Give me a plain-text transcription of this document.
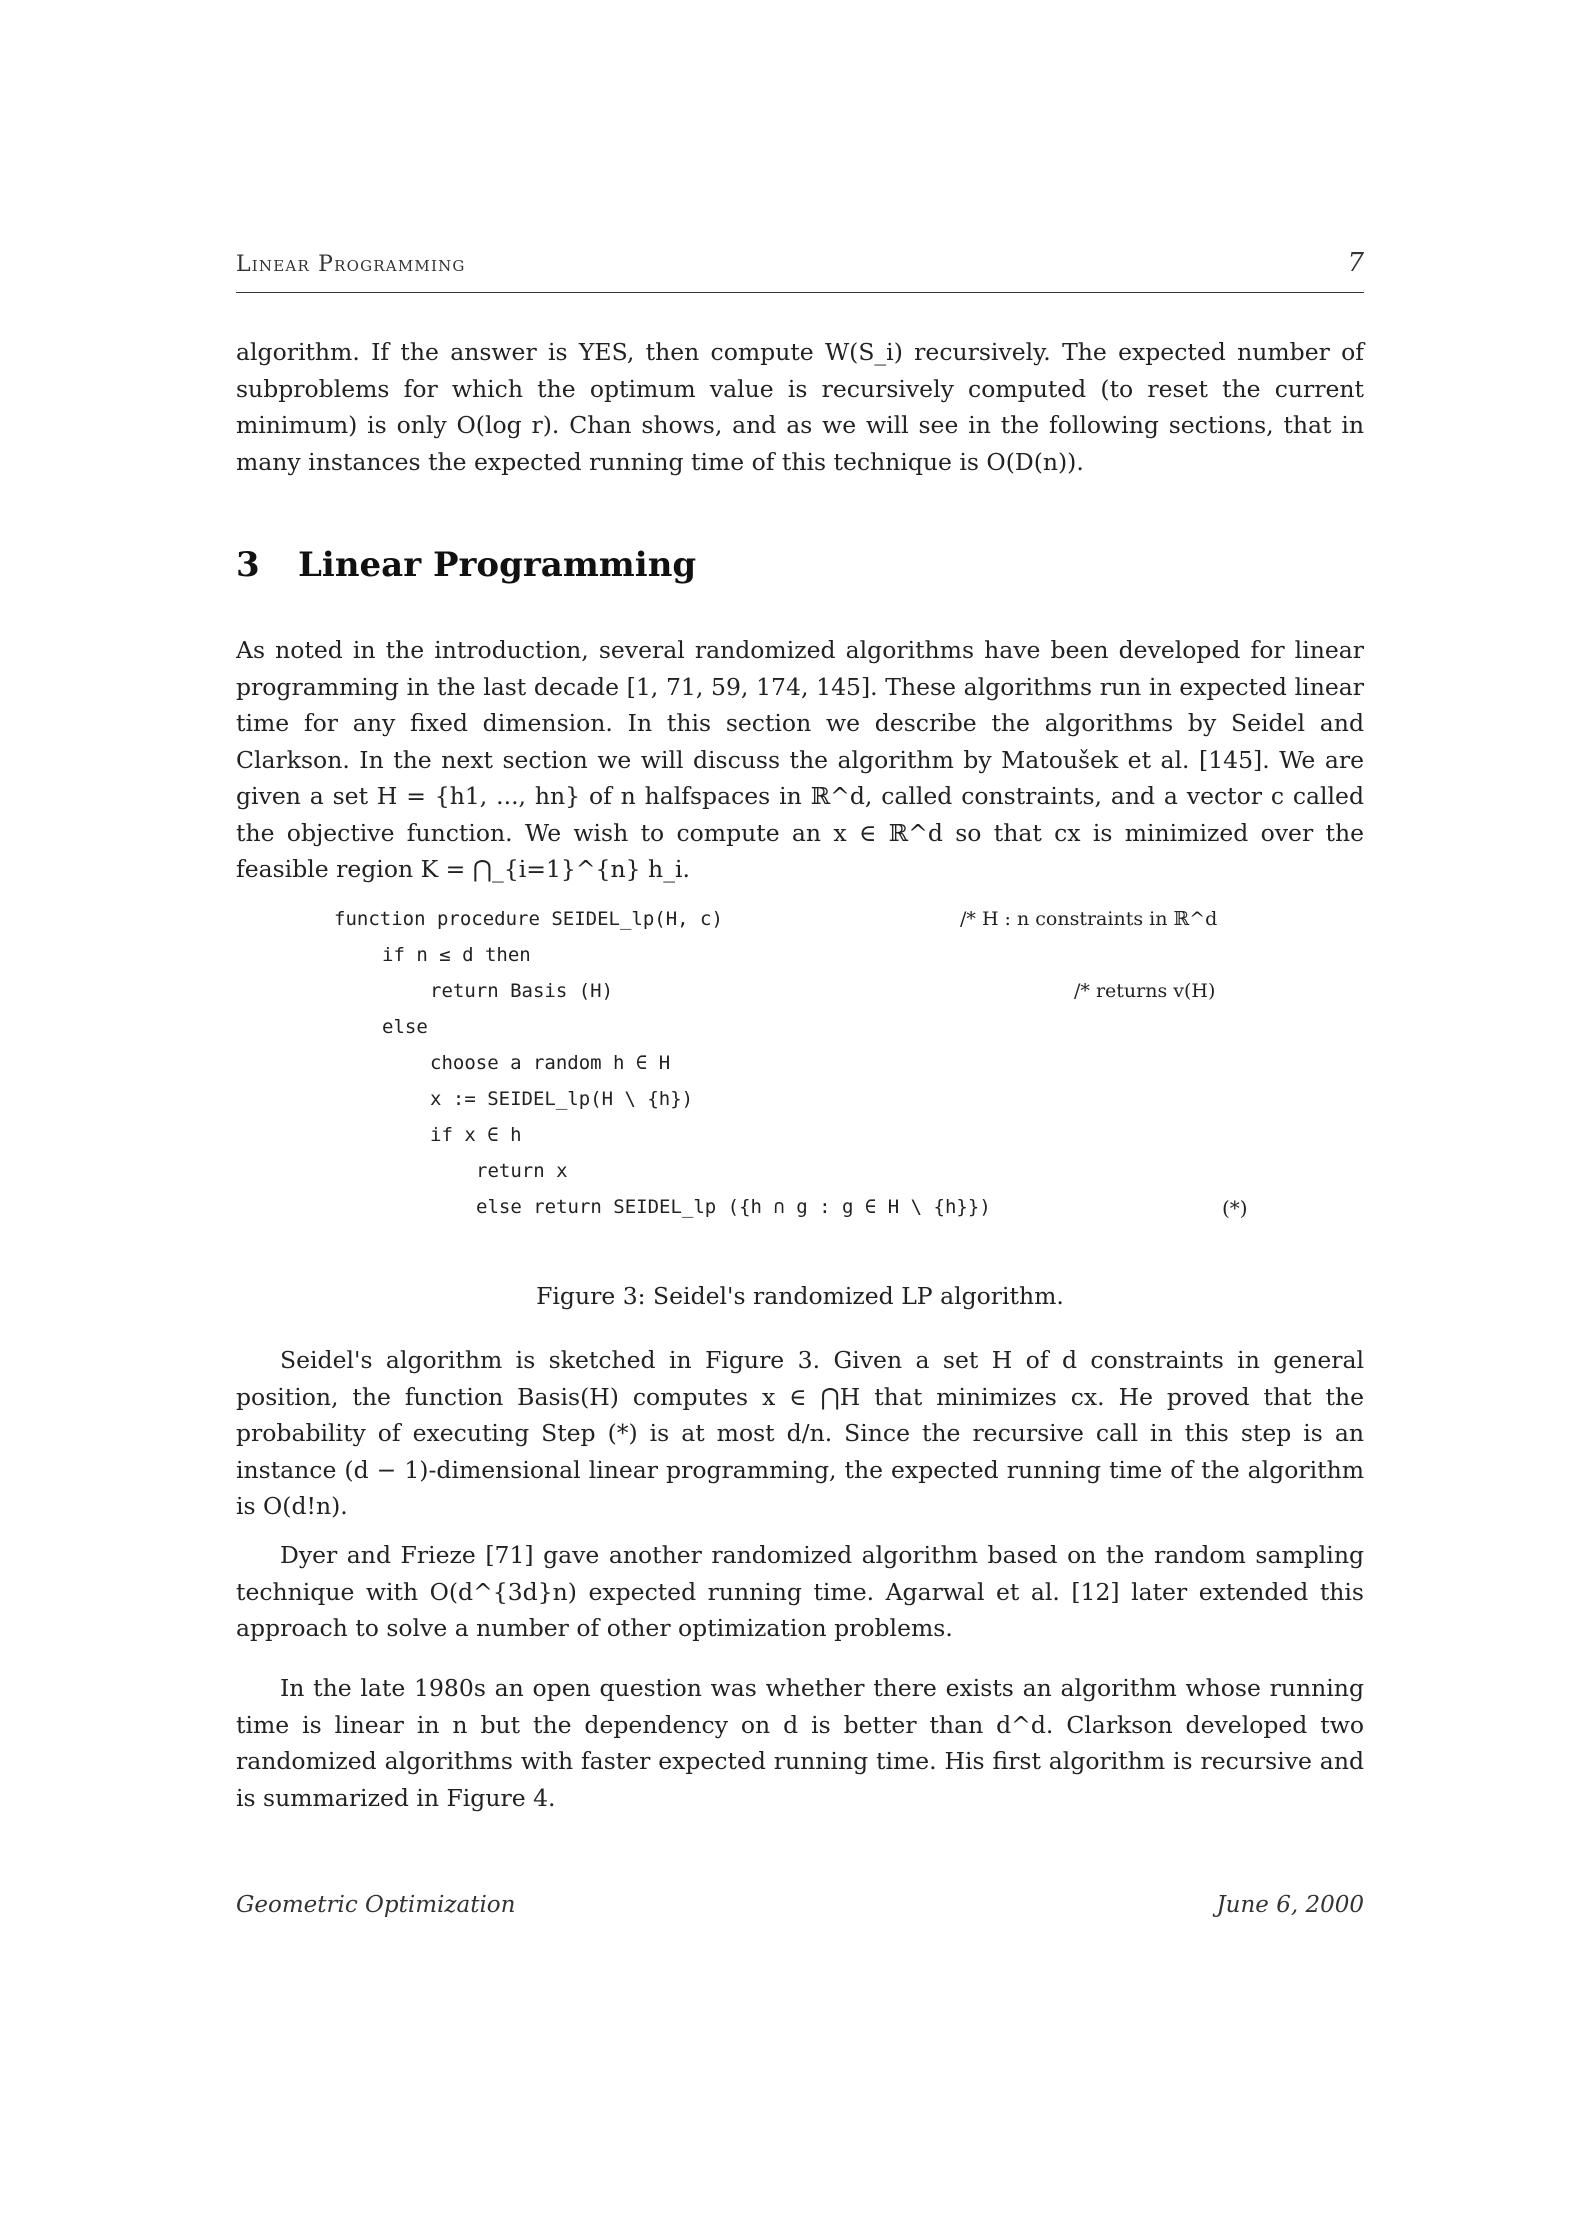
Linear Programming	7

algorithm. If the answer is YES, then compute W(S_i) recursively. The expected number of subproblems for which the optimum value is recursively computed (to reset the current minimum) is only O(log r). Chan shows, and as we will see in the following sections, that in many instances the expected running time of this technique is O(D(n)).

3 Linear Programming

As noted in the introduction, several randomized algorithms have been developed for linear programming in the last decade [1, 71, 59, 174, 145]. These algorithms run in expected linear time for any fixed dimension. In this section we describe the algorithms by Seidel and Clarkson. In the next section we will discuss the algorithm by Matoušek et al. [145]. We are given a set H = {h1, ..., hn} of n halfspaces in ℝ^d, called constraints, and a vector c called the objective function. We wish to compute an x ∈ ℝ^d so that cx is minimized over the feasible region K = ⋂_{i=1}^{n} h_i.

function procedure SEIDEL_lp(H, c)	/* H : n constraints in ℝ^d
if n ≤ d then
return Basis (H)	/* returns v(H)
else
choose a random h ∈ H
x := SEIDEL_lp(H \ {h})
if x ∈ h
return x
else return SEIDEL_lp ({h ∩ g : g ∈ H \ {h}})	(*)
Figure 3: Seidel's randomized LP algorithm.

Seidel's algorithm is sketched in Figure 3. Given a set H of d constraints in general position, the function Basis(H) computes x ∈ ⋂H that minimizes cx. He proved that the probability of executing Step (*) is at most d/n. Since the recursive call in this step is an instance (d − 1)-dimensional linear programming, the expected running time of the algorithm is O(d!n).

Dyer and Frieze [71] gave another randomized algorithm based on the random sampling technique with O(d^{3d}n) expected running time. Agarwal et al. [12] later extended this approach to solve a number of other optimization problems.

In the late 1980s an open question was whether there exists an algorithm whose running time is linear in n but the dependency on d is better than d^d. Clarkson developed two randomized algorithms with faster expected running time. His first algorithm is recursive and is summarized in Figure 4.

Geometric Optimization	June 6, 2000
